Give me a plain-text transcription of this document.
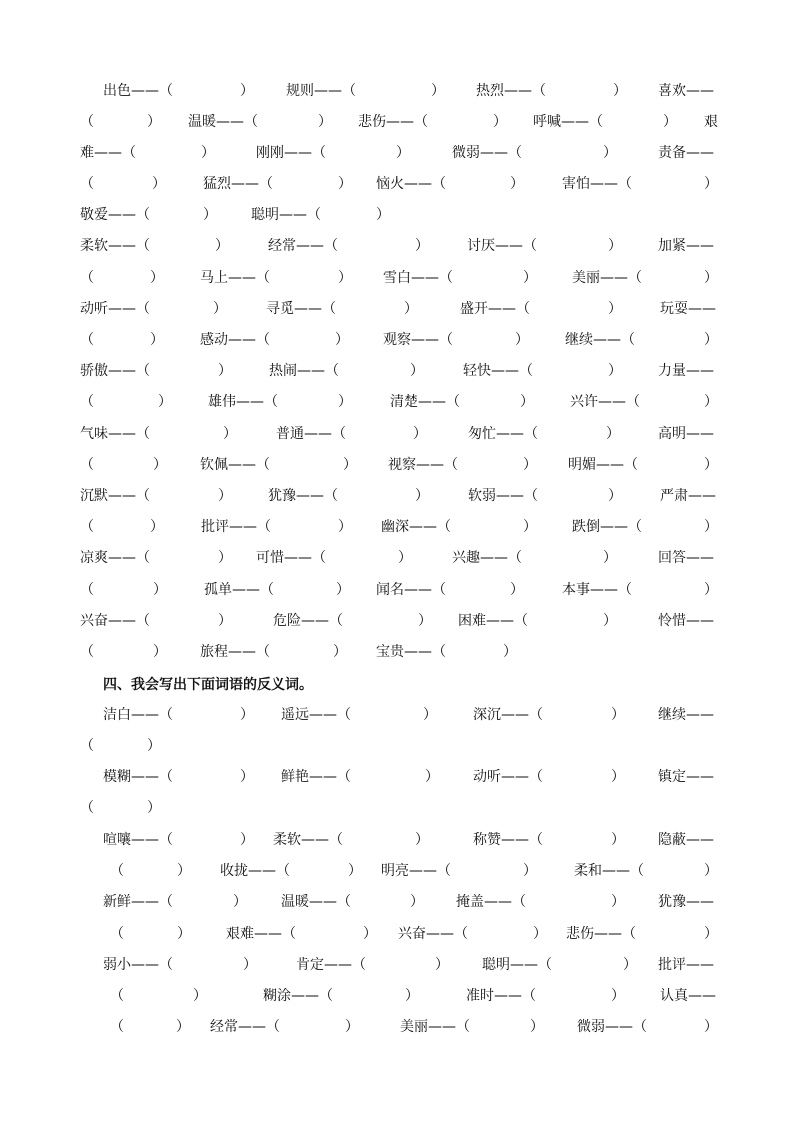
出色——（	） 规则——（	） 热烈——（	） 喜欢——
（	） 温暖——（	） 悲伤——（	） 呼喊——（	） 艰
难——（	）	刚刚——（	）	微弱——（	）	责备——
（	）	猛烈——（	） 恼火——（	）	害怕——（	）
敬爱——（	） 聪明——（	）
柔软——（	）	经常——（	）	讨厌——（	）	加紧——
（	）	马上——（	） 雪白——（	）	美丽——（	）
动听——（	）	寻觅——（	）	盛开——（	）	玩耍——
（	）	感动——（	） 观察——（	）	继续——（	）
骄傲——（	）	热闹——（	）	轻快——（	）	力量——
（	）	雄伟——（	）	清楚——（	）	兴许——（	）
气味——（	）	普通——（	）	匆忙——（	）	高明——
（	） 钦佩——（	） 视察——（	） 明媚——（	）
沉默——（	）	犹豫——（	）	软弱——（	）	严肃——
（	）	批评——（	） 幽深——（	）	跌倒——（	）
凉爽——（	） 可惜——（	）	兴趣——（	）	回答——
（	）	孤单——（	） 闻名——（	）	本事——（	）
兴奋——（	）	危险——（	） 困难——（	）	怜惜——
（	） 旅程——（	） 宝贵——（	）
四、我会写出下面词语的反义词。
洁白——（	） 遥远——（	）	深沉——（	） 继续——
（	）
模糊——（	） 鲜艳——（	） 动听——（	） 镇定——
（	）
喧嚷——（	） 柔软——（	）	称赞——（	） 隐蔽——
（	） 收拢——（	） 明亮——（	）	柔和——（	）
新鲜——（	） 温暖——（	） 掩盖——（	） 犹豫——
（	）	艰难——（	） 兴奋——（	） 悲伤——（	）
弱小——（	）	肯定——（	） 聪明——（	） 批评——
（	）	糊涂——（	）	准时——（	）	认真——
（	） 经常——（	）	美丽——（	） 微弱——（	）
